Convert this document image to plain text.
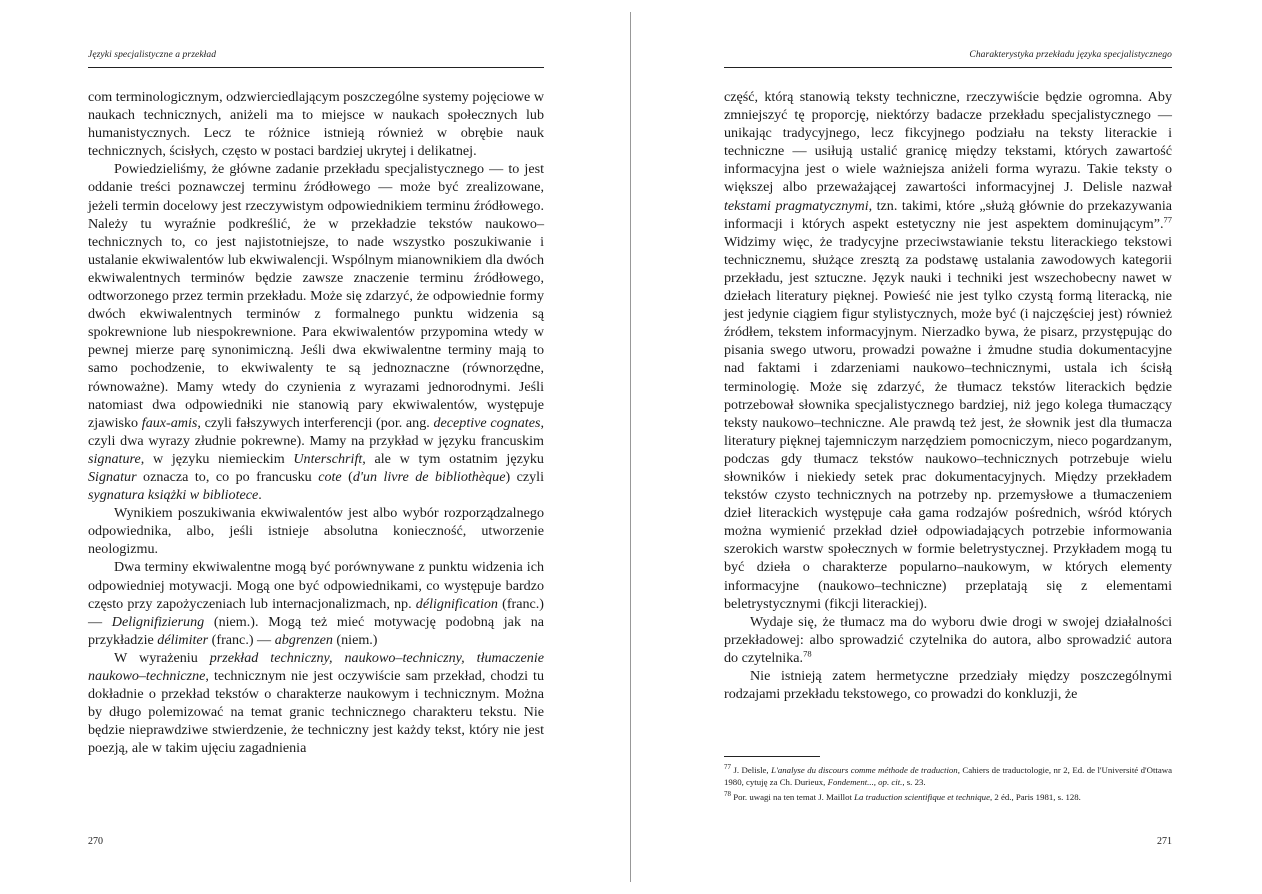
Języki specjalistyczne a przekład

com terminologicznym, odzwierciedlającym poszczególne systemy pojęciowe w naukach technicznych, aniżeli ma to miejsce w naukach społecznych lub humanistycznych. Lecz te różnice istnieją również w obrębie nauk technicznych, ścisłych, często w postaci bardziej ukrytej i delikatnej.

Powiedzieliśmy, że główne zadanie przekładu specjalistycznego — to jest oddanie treści poznawczej terminu źródłowego — może być zrealizowane, jeżeli termin docelowy jest rzeczywistym odpowiednikiem terminu źródłowego. Należy tu wyraźnie podkreślić, że w przekładzie tekstów naukowo–technicznych to, co jest najistotniejsze, to nade wszystko poszukiwanie i ustalanie ekwiwalentów lub ekwiwalencji. Wspólnym mianownikiem dla dwóch ekwiwalentnych terminów będzie zawsze znaczenie terminu źródłowego, odtworzonego przez termin przekładu. Może się zdarzyć, że odpowiednie formy dwóch ekwiwalentnych terminów z formalnego punktu widzenia są spokrewnione lub niespokrewnione. Para ekwiwalentów przypomina wtedy w pewnej mierze parę synonimiczną. Jeśli dwa ekwiwalentne terminy mają to samo pochodzenie, to ekwiwalenty te są jednoznaczne (równorzędne, równoważne). Mamy wtedy do czynienia z wyrazami jednorodnymi. Jeśli natomiast dwa odpowiedniki nie stanowią pary ekwiwalentów, występuje zjawisko faux-amis, czyli fałszywych interferencji (por. ang. deceptive cognates, czyli dwa wyrazy złudnie pokrewne). Mamy na przykład w języku francuskim signature, w języku niemieckim Unterschrift, ale w tym ostatnim języku Signatur oznacza to, co po francusku cote (d'un livre de bibliothèque) czyli sygnatura książki w bibliotece.

Wynikiem poszukiwania ekwiwalentów jest albo wybór rozporządzalnego odpowiednika, albo, jeśli istnieje absolutna konieczność, utworzenie neologizmu.

Dwa terminy ekwiwalentne mogą być porównywane z punktu widzenia ich odpowiedniej motywacji. Mogą one być odpowiednikami, co występuje bardzo często przy zapożyczeniach lub internacjonalizmach, np. délignification (franc.) — Delignifizierung (niem.). Mogą też mieć motywację podobną jak na przykładzie délimiter (franc.) — abgrenzen (niem.)

W wyrażeniu przekład techniczny, naukowo–techniczny, tłumaczenie naukowo–techniczne, technicznym nie jest oczywiście sam przekład, chodzi tu dokładnie o przekład tekstów o charakterze naukowym i technicznym. Można by długo polemizować na temat granic technicznego charakteru tekstu. Nie będzie nieprawdziwe stwierdzenie, że techniczny jest każdy tekst, który nie jest poezją, ale w takim ujęciu zagadnienia

270
Charakterystyka przekładu języka specjalistycznego

część, którą stanowią teksty techniczne, rzeczywiście będzie ogromna. Aby zmniejszyć tę proporcję, niektórzy badacze przekładu specjalistycznego — unikając tradycyjnego, lecz fikcyjnego podziału na teksty literackie i techniczne — usiłują ustalić granicę między tekstami, których zawartość informacyjna jest o wiele ważniejsza aniżeli forma wyrazu. Takie teksty o większej albo przeważającej zawartości informacyjnej J. Delisle nazwał tekstami pragmatycznymi, tzn. takimi, które „służą głównie do przekazywania informacji i których aspekt estetyczny nie jest aspektem dominującym”.$^{77}$ Widzimy więc, że tradycyjne przeciwstawianie tekstu literackiego tekstowi technicznemu, służące zresztą za podstawę ustalania zawodowych kategorii przekładu, jest sztuczne. Język nauki i techniki jest wszechobecny nawet w dziełach literatury pięknej. Powieść nie jest tylko czystą formą literacką, nie jest jedynie ciągiem figur stylistycznych, może być (i najczęściej jest) również źródłem, tekstem informacyjnym. Nierzadko bywa, że pisarz, przystępując do pisania swego utworu, prowadzi poważne i żmudne studia dokumentacyjne nad faktami i zdarzeniami naukowo–technicznymi, ustala ich ścisłą terminologię. Może się zdarzyć, że tłumacz tekstów literackich będzie potrzebował słownika specjalistycznego bardziej, niż jego kolega tłumaczący teksty naukowo–techniczne. Ale prawdą też jest, że słownik jest dla tłumacza literatury pięknej tajemniczym narzędziem pomocniczym, nieco pogardzanym, podczas gdy tłumacz tekstów naukowo–technicznych potrzebuje wielu słowników i niekiedy setek prac dokumentacyjnych. Między przekładem tekstów czysto technicznych na potrzeby np. przemysłowe a tłumaczeniem dzieł literackich występuje cała gama rodzajów pośrednich, wśród których można wymienić przekład dzieł odpowiadających potrzebie informowania szerokich warstw społecznych w formie beletrystycznej. Przykładem mogą tu być dzieła o charakterze popularno–naukowym, w których elementy informacyjne (naukowo–techniczne) przeplatają się z elementami beletrystycznymi (fikcji literackiej).

Wydaje się, że tłumacz ma do wyboru dwie drogi w swojej działalności przekładowej: albo sprowadzić czytelnika do autora, albo sprowadzić autora do czytelnika.$^{78}$

Nie istnieją zatem hermetyczne przedziały między poszczególnymi rodzajami przekładu tekstowego, co prowadzi do konkluzji, że

$^{77}$ J. Delisle, L'analyse du discours comme méthode de traduction, Cahiers de traductologie, nr 2, Ed. de l'Université d'Ottawa 1980, cytuję za Ch. Durieux, Fondement..., op. cit., s. 23.

$^{78}$ Por. uwagi na ten temat J. Maillot La traduction scientifique et technique, 2 éd., Paris 1981, s. 128.

271
